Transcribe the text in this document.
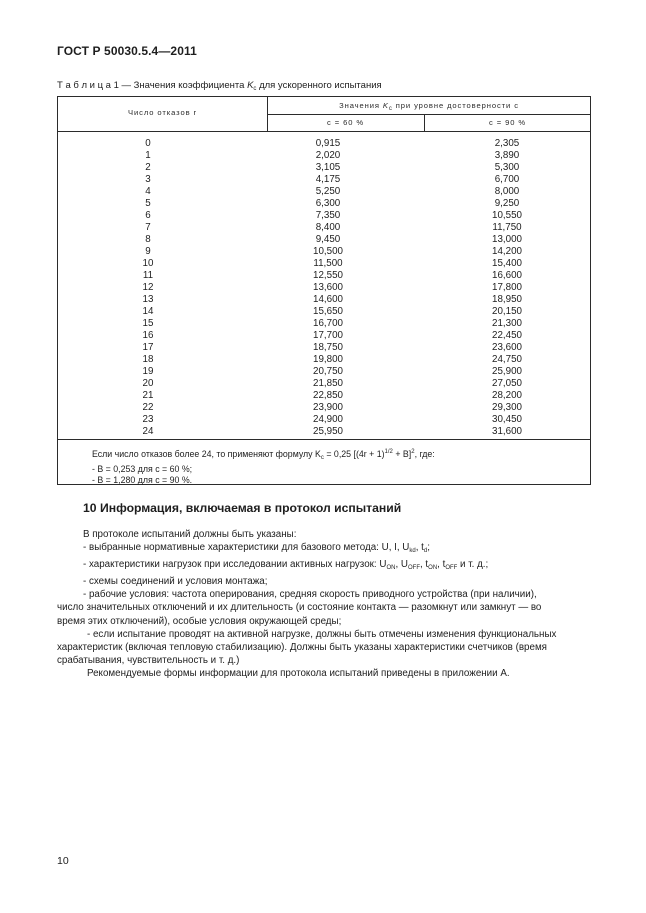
ГОСТ Р 50030.5.4—2011
Т а б л и ц а 1 — Значения коэффициента $K_c$ для ускоренного испытания
Число отказов r
Значения $K_c$ при уровне достоверности c
c = 60 %	c = 90 %
0
1
2
3
4
5
6
7
8
9
10
11
12
13
14
15
16
17
18
19
20
21
22
23
24
0,915
2,020
3,105
4,175
5,250
6,300
7,350
8,400
9,450
10,500
11,500
12,550
13,600
14,600
15,650
16,700
17,700
18,750
19,800
20,750
21,850
22,850
23,900
24,900
25,950
2,305
3,890
5,300
6,700
8,000
9,250
10,550
11,750
13,000
14,200
15,400
16,600
17,800
18,950
20,150
21,300
22,450
23,600
24,750
25,900
27,050
28,200
29,300
30,450
31,600
Если число отказов более 24, то применяют формулу $K_c = 0,25$ $[(4r + 1)^{1/2} + B]^2$, где:
- B = 0,253 для c = 60 %;
- B = 1,280 для c = 90 %.
10 Информация, включаемая в протокол испытаний
В протоколе испытаний должны быть указаны:
- выбранные нормативные характеристики для базового метода: U, I, $U_{kd}$, $t_d$;
- характеристики нагрузок при исследовании активных нагрузок: $U_{ON}$, $U_{OFF}$, $t_{ON}$, $t_{OFF}$ и т. д.;
- схемы соединений и условия монтажа;
- рабочие условия: частота оперирования, средняя скорость приводного устройства (при наличии),
число значительных отключений и их длительность (и состояние контакта — разомкнут или замкнут — во
время этих отключений), особые условия окружающей среды;
- если испытание проводят на активной нагрузке, должны быть отмечены изменения функциональных
характеристик (включая тепловую стабилизацию). Должны быть указаны характеристики счетчиков (время
срабатывания, чувствительность и т. д.)
Рекомендуемые формы информации для протокола испытаний приведены в приложении А.
10
